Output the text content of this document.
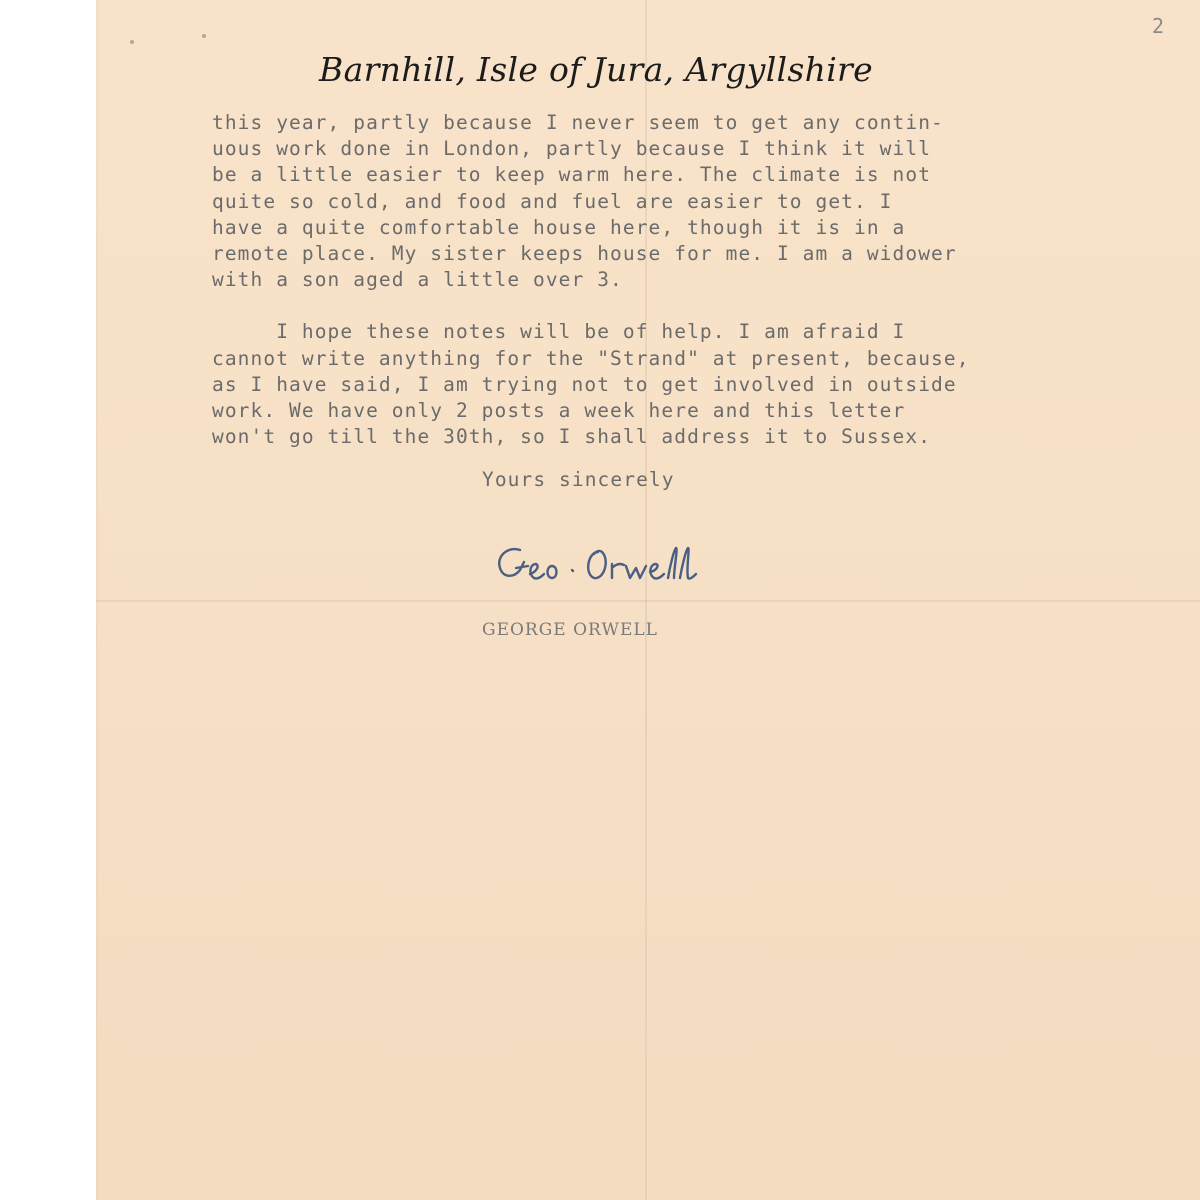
2
Barnhill, Isle of Jura, Argyllshire
this year, partly because I never seem to get any contin-
uous work done in London, partly because I think it will
be a little easier to keep warm here. The climate is not
quite so cold, and food and fuel are easier to get. I
have a quite comfortable house here, though it is in a
remote place. My sister keeps house for me. I am a widower
with a son aged a little over 3.
I hope these notes will be of help. I am afraid I
cannot write anything for the "Strand" at present, because,
as I have said, I am trying not to get involved in outside
work. We have only 2 posts a week here and this letter
won't go till the 30th, so I shall address it to Sussex.
Yours sincerely
GEORGE ORWELL
